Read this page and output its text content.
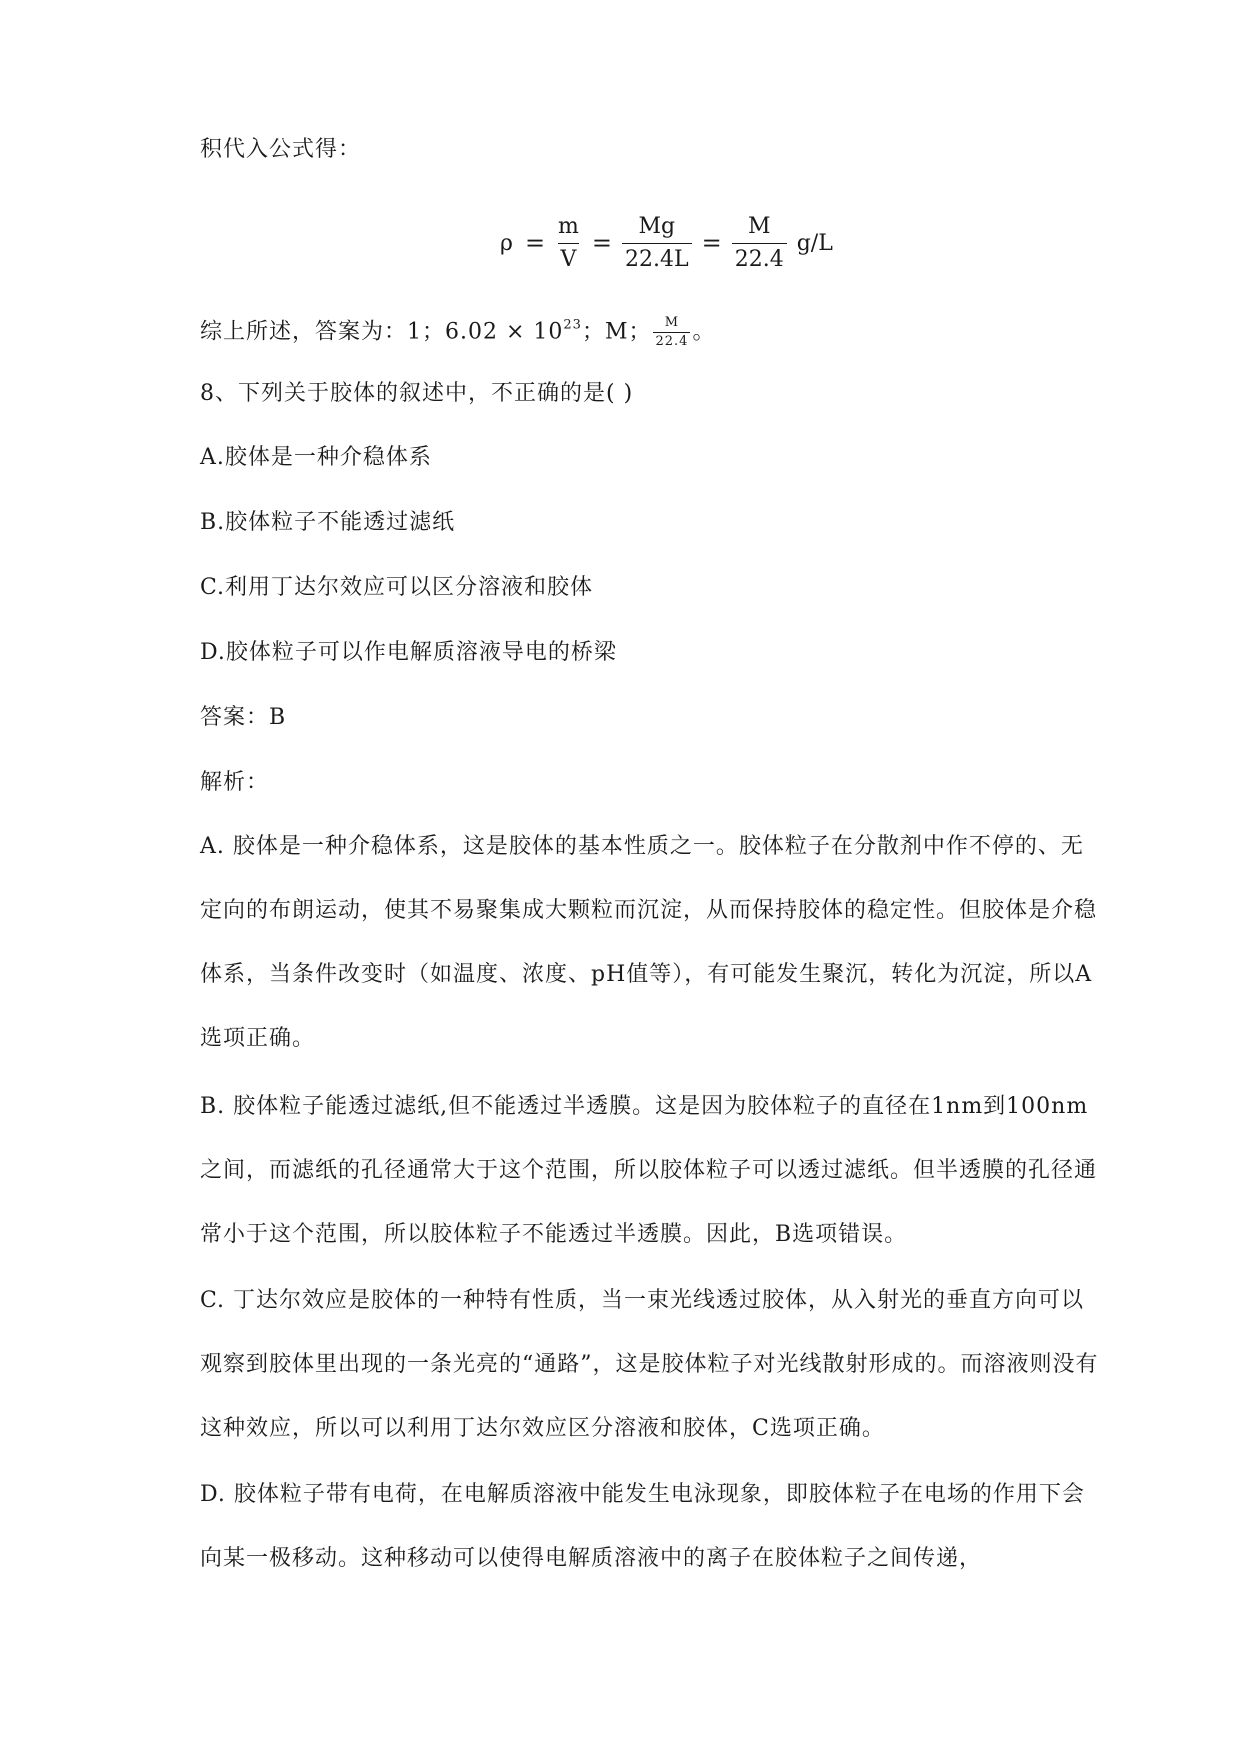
积代入公式得：
$\rho = \frac{m}{V} = \frac{Mg}{22.4L} = \frac{M}{22.4} g/L$
综上所述，答案为：1；$6.02 \times 10^{23}$；M； $\frac{M}{22.4}$ 。
8、下列关于胶体的叙述中，不正确的是( )
A.胶体是一种介稳体系
B.胶体粒子不能透过滤纸
C.利用丁达尔效应可以区分溶液和胶体
D.胶体粒子可以作电解质溶液导电的桥梁
答案：B
解析：
A. 胶体是一种介稳体系，这是胶体的基本性质之一。胶体粒子在分散剂中作不停的、无定向的布朗运动，使其不易聚集成大颗粒而沉淀，从而保持胶体的稳定性。但胶体是介稳体系，当条件改变时（如温度、浓度、pH值等），有可能发生聚沉，转化为沉淀，所以A选项正确。
B. 胶体粒子能透过滤纸,但不能透过半透膜。这是因为胶体粒子的直径在1nm到100nm之间，而滤纸的孔径通常大于这个范围，所以胶体粒子可以透过滤纸。但半透膜的孔径通常小于这个范围，所以胶体粒子不能透过半透膜。因此，B选项错误。
C. 丁达尔效应是胶体的一种特有性质，当一束光线透过胶体，从入射光的垂直方向可以观察到胶体里出现的一条光亮的“通路”，这是胶体粒子对光线散射形成的。而溶液则没有这种效应，所以可以利用丁达尔效应区分溶液和胶体，C选项正确。
D. 胶体粒子带有电荷，在电解质溶液中能发生电泳现象，即胶体粒子在电场的作用下会向某一极移动。这种移动可以使得电解质溶液中的离子在胶体粒子之间传递，
